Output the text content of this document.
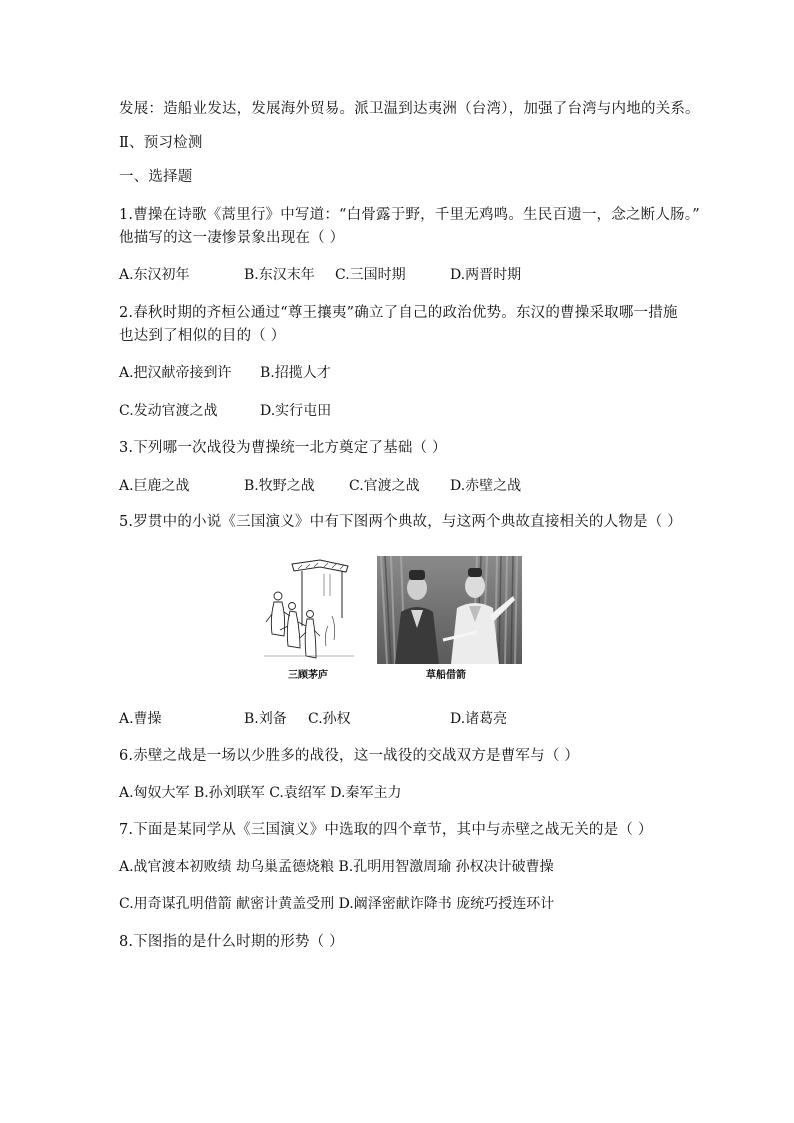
发展：造船业发达，发展海外贸易。派卫温到达夷洲（台湾），加强了台湾与内地的关系。
Ⅱ、预习检测
一、选择题
1.曹操在诗歌《蒿里行》中写道：“白骨露于野，千里无鸡鸣。生民百遗一，念之断人肠。”
他描写的这一凄惨景象出现在（ ）
A.东汉初年	B.东汉末年 C.三国时期	D.两晋时期
2.春秋时期的齐桓公通过“尊王攘夷”确立了自己的政治优势。东汉的曹操采取哪一措施
也达到了相似的目的（ ）
A.把汉献帝接到许 B.招揽人才
C.发动官渡之战	D.实行屯田
3.下列哪一次战役为曹操统一北方奠定了基础（ ）
A.巨鹿之战	B.牧野之战 C.官渡之战 D.赤壁之战
5.罗贯中的小说《三国演义》中有下图两个典故，与这两个典故直接相关的人物是（ ）
三顾茅庐	草船借箭
A.曹操	B.刘备 C.孙权	D.诸葛亮
6.赤壁之战是一场以少胜多的战役，这一战役的交战双方是曹军与（ ）
A.匈奴大军 B.孙刘联军 C.袁绍军 D.秦军主力
7.下面是某同学从《三国演义》中选取的四个章节，其中与赤壁之战无关的是（ ）
A.战官渡本初败绩 劫乌巢孟德烧粮 B.孔明用智激周瑜 孙权决计破曹操
C.用奇谋孔明借箭 献密计黄盖受刑 D.阚泽密献诈降书 庞统巧授连环计
8.下图指的是什么时期的形势（ ）
